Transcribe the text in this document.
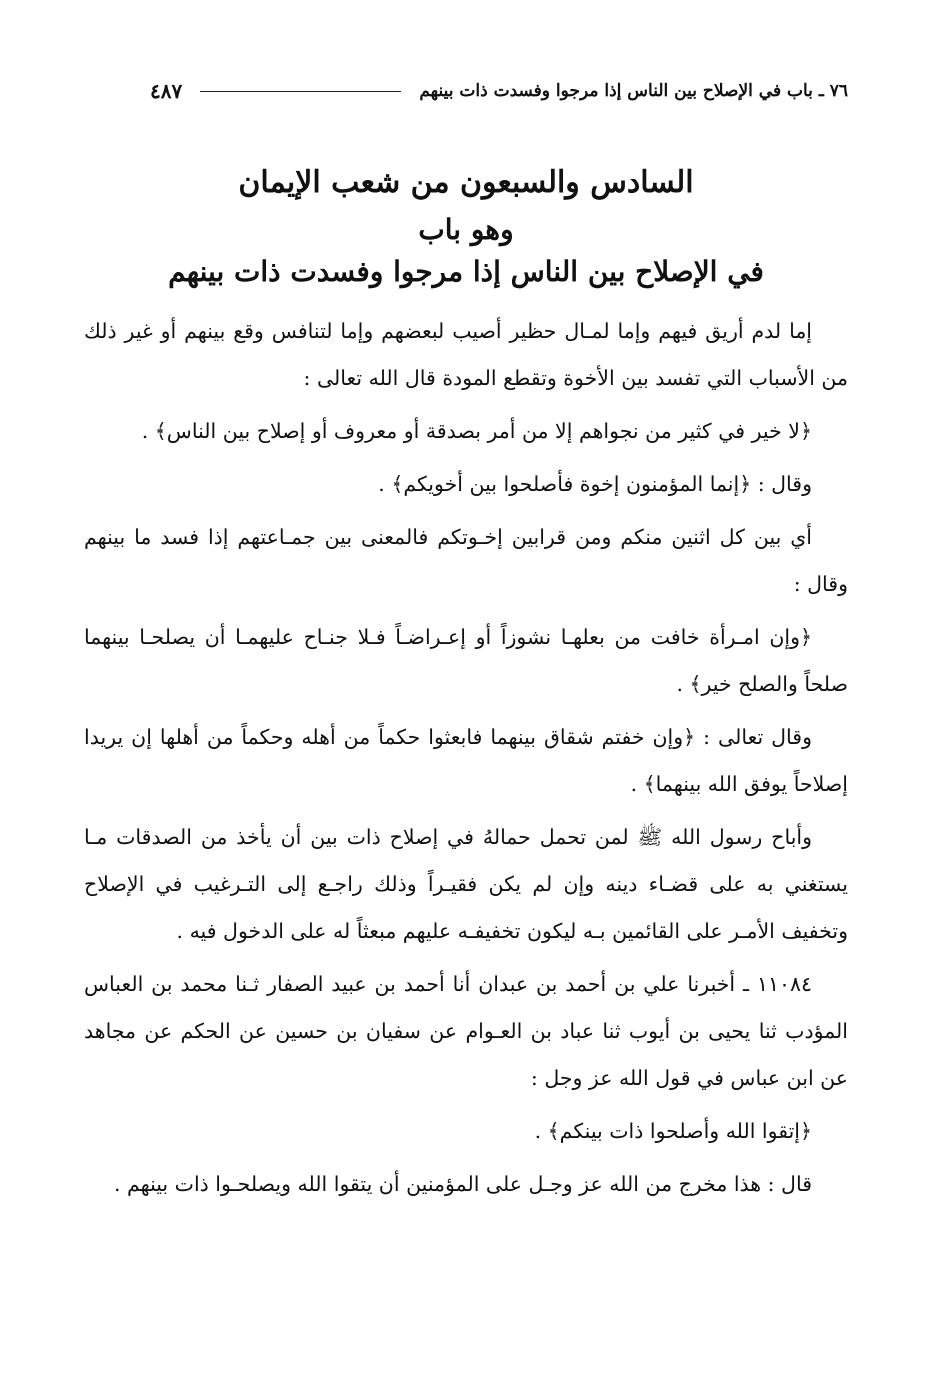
٧٦ ـ باب في الإصلاح بين الناس إذا مرجوا وفسدت ذات بينهم
٤٨٧
السادس والسبعون من شعب الإيمان
وهو باب
في الإصلاح بين الناس إذا مرجوا وفسدت ذات بينهم

إما لدم أريق فيهم وإما لمـال حظير أصيب لبعضهم وإما لتنافس وقع بينهم أو غير ذلك من الأسباب التي تفسد بين الأخوة وتقطع المودة قال الله تعالى :

﴿لا خير في كثير من نجواهم إلا من أمر بصدقة أو معروف أو إصلاح بين الناس﴾ .

وقال : ﴿إنما المؤمنون إخوة فأصلحوا بين أخويكم﴾ .

أي بين كل اثنين منكم ومن قرابين إخـوتكم فالمعنى بين جمـاعتهم إذا فسد ما بينهم وقال :

﴿وإن امـرأة خافت من بعلهـا نشوزاً أو إعـراضـاً فـلا جنـاح عليهمـا أن يصلحـا بينهما صلحاً والصلح خير﴾ .

وقال تعالى : ﴿وإن خفتم شقاق بينهما فابعثوا حكماً من أهله وحكماً من أهلها إن يريدا إصلاحاً يوفق الله بينهما﴾ .

وأباح رسول الله ﷺ لمن تحمل حمالهُ في إصلاح ذات بين أن يأخذ من الصدقات مـا يستغني به على قضـاء دينه وإن لم يكن فقيـراً وذلك راجـع إلى التـرغيب في الإصلاح وتخفيف الأمـر على القائمين بـه ليكون تخفيفـه عليهم مبعثاً له على الدخول فيه .

١١٠٨٤ ـ أخبرنا علي بن أحمد بن عبدان أنا أحمد بن عبيد الصفار ثـنا محمد بن العباس المؤدب ثنا يحيى بن أيوب ثنا عباد بن العـوام عن سفيان بن حسين عن الحكم عن مجاهد عن ابن عباس في قول الله عز وجل :

﴿إتقوا الله وأصلحوا ذات بينكم﴾ .

قال : هذا مخرج من الله عز وجـل على المؤمنين أن يتقوا الله ويصلحـوا ذات بينهم .
